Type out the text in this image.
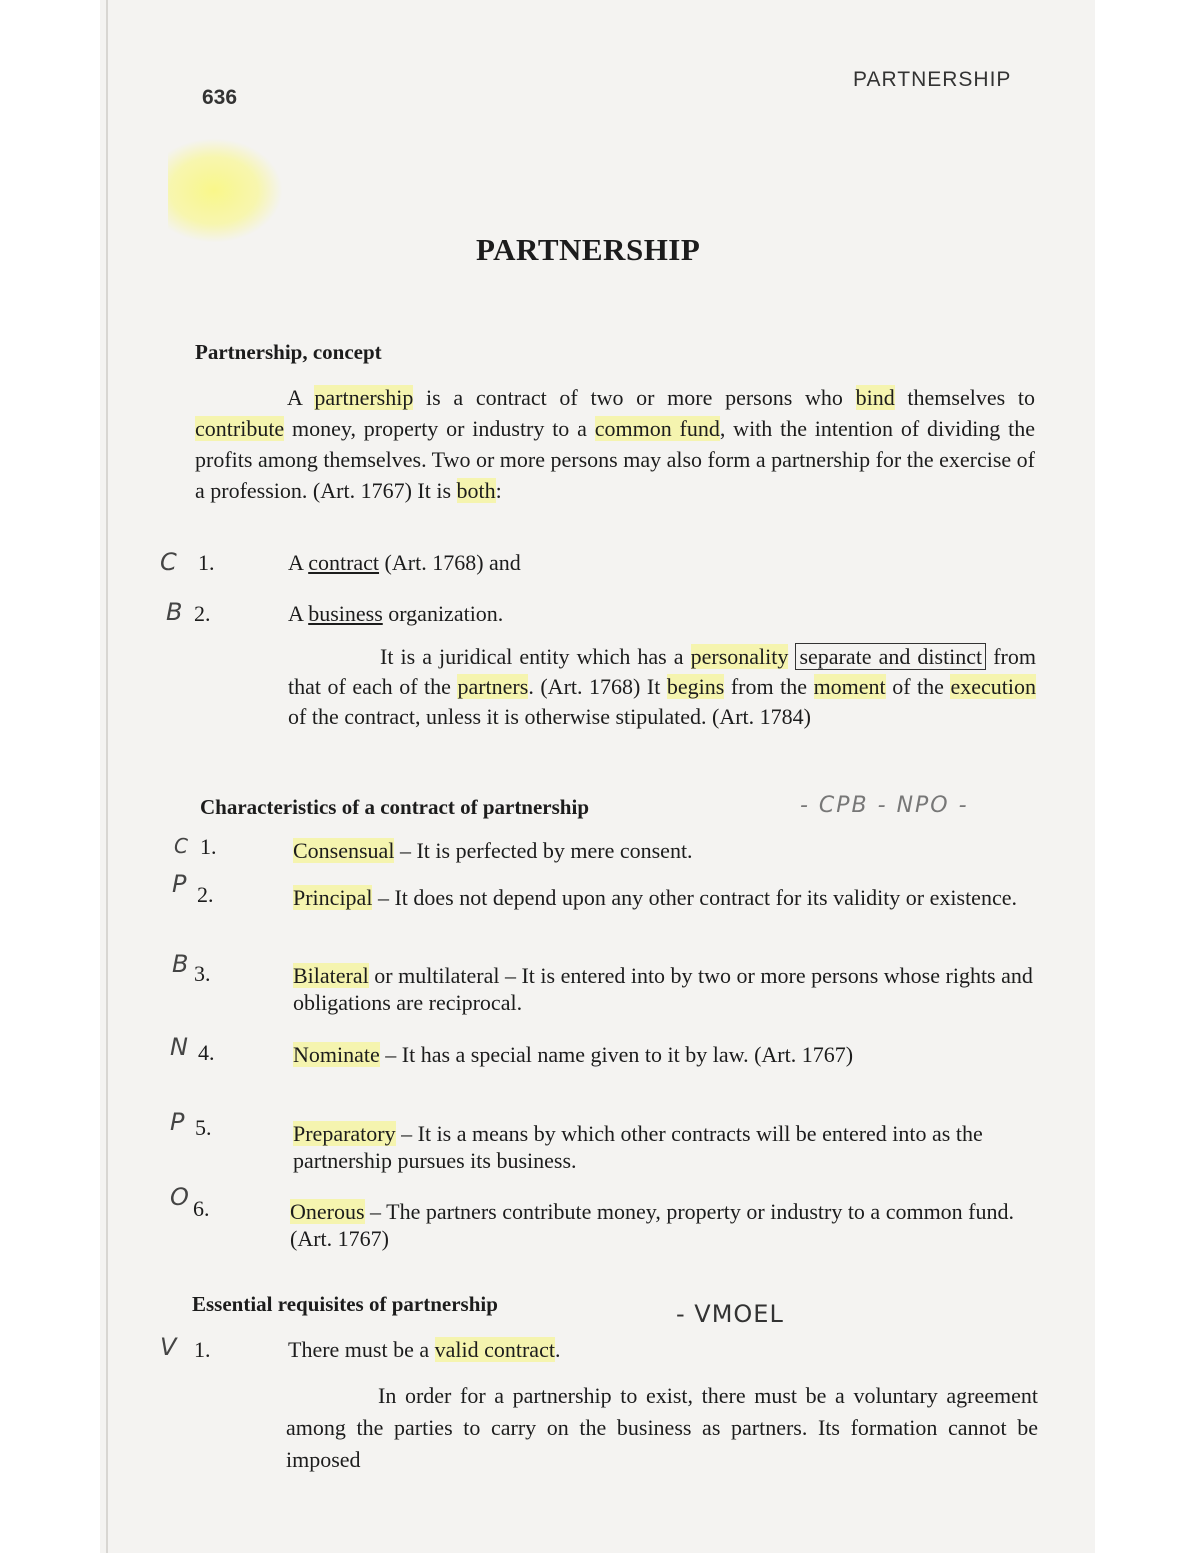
636
PARTNERSHIP
PARTNERSHIP
Partnership, concept
A partnership is a contract of two or more persons who bind themselves to contribute money, property or industry to a common fund, with the intention of dividing the profits among themselves. Two or more persons may also form a partnership for the exercise of a profession. (Art. 1767) It is both:
C 1.	A contract (Art. 1768) and
B 2.	A business organization.
It is a juridical entity which has a personality separate and distinct from that of each of the partners. (Art. 1768) It begins from the moment of the execution of the contract, unless it is otherwise stipulated. (Art. 1784)
Characteristics of a contract of partnership	- CPB - NPO -
C 1.	Consensual – It is perfected by mere consent.
P 2.	Principal – It does not depend upon any other contract for its validity or existence.
B 3.	Bilateral or multilateral – It is entered into by two or more persons whose rights and obligations are reciprocal.
N 4.	Nominate – It has a special name given to it by law. (Art. 1767)
P 5.	Preparatory – It is a means by which other contracts will be entered into as the partnership pursues its business.
O 6.	Onerous – The partners contribute money, property or industry to a common fund. (Art. 1767)
Essential requisites of partnership	- VMOEL
V 1.	There must be a valid contract.
In order for a partnership to exist, there must be a voluntary agreement among the parties to carry on the business as partners. Its formation cannot be imposed
